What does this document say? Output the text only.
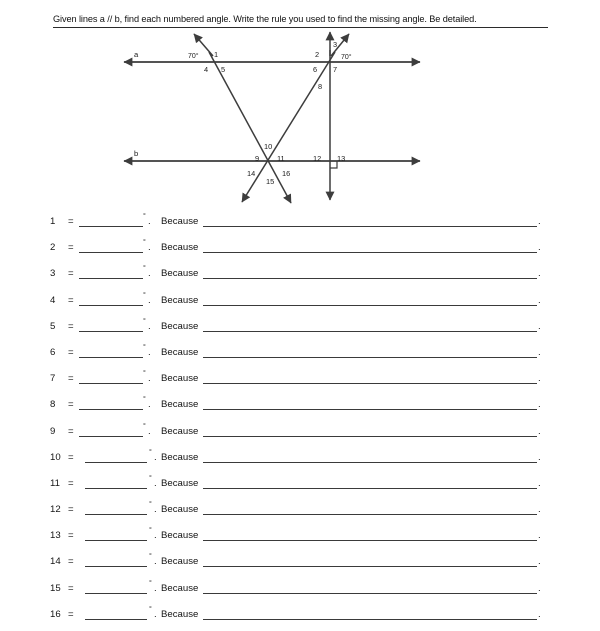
Given lines a // b, find each numbered angle. Write the rule you used to find the missing angle. Be detailed.
a
b
70°	70°
1	2
3
4 5	6 7
8
9
10
11	12 13
14
15
16
1	=	° . Because	.
2	=	° . Because	.
3	=	° . Because	.
4	=	° . Because	.
5	=	° . Because	.
6	=	° . Because	.
7	=	° . Because	.
8	=	° . Because	.
9	=	° . Because	.
10 =	° . Because	.
11 =	° . Because	.
12 =	° . Because	.
13 =	° . Because	.
14 =	° . Because	.
15 =	° . Because	.
16 =	° . Because	.
